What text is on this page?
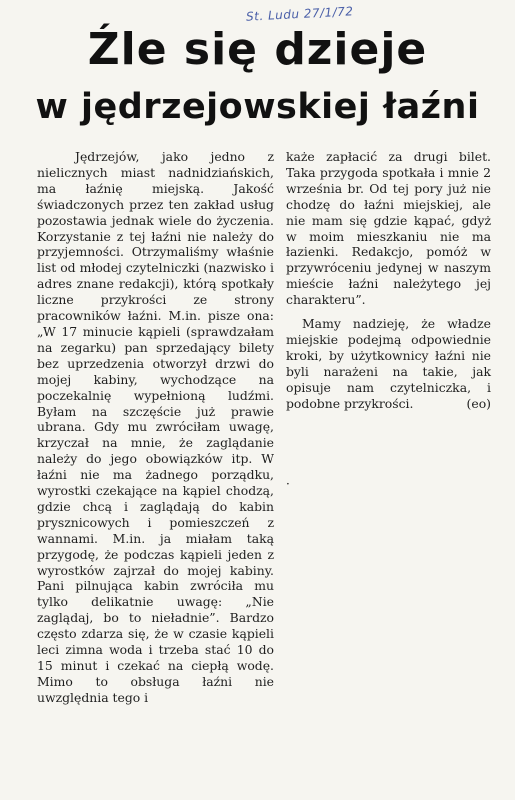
St. Ludu 27/1/72
Źle się dzieje
w jędrzejowskiej łaźni

Jędrzejów, jako jedno z nielicznych miast nadnidziańskich, ma łaźnię miejską. Jakość świadczonych przez ten zakład usług pozostawia jednak wiele do życzenia. Korzystanie z tej łaźni nie należy do przyjemności. Otrzymaliśmy właśnie list od młodej czytelniczki (nazwisko i adres znane redakcji), którą spotkały liczne przykrości ze strony pracowników łaźni. M.in. pisze ona: „W 17 minucie kąpieli (sprawdzałam na zegarku) pan sprzedający bilety bez uprzedzenia otworzył drzwi do mojej kabiny, wychodzące na poczekalnię wypełnioną ludźmi. Byłam na szczęście już prawie ubrana. Gdy mu zwróciłam uwagę, krzyczał na mnie, że zaglądanie należy do jego obowiązków itp. W łaźni nie ma żadnego porządku, wyrostki czekające na kąpiel chodzą, gdzie chcą i zaglądają do kabin prysznicowych i pomieszczeń z wannami. M.in. ja miałam taką przygodę, że podczas kąpieli jeden z wyrostków zajrzał do mojej kabiny. Pani pilnująca kabin zwróciła mu tylko delikatnie uwagę: „Nie zaglądaj, bo to nieładnie”. Bardzo często zdarza się, że w czasie kąpieli leci zimna woda i trzeba stać 10 do 15 minut i czekać na ciepłą wodę. Mimo to obsługa łaźni nie uwzględnia tego i

każe zapłacić za drugi bilet. Taka przygoda spotkała i mnie 2 września br. Od tej pory już nie chodzę do łaźni miejskiej, ale nie mam się gdzie kąpać, gdyż w moim mieszkaniu nie ma łazienki. Redakcjo, pomóż w przywróceniu jedynej w naszym mieście łaźni należytego jej charakteru”.

Mamy nadzieję, że władze miejskie podejmą odpowiednie kroki, by użytkownicy łaźni nie byli narażeni na takie, jak opisuje nam czytelniczka, i podobne przykrości.	(eo)

·
